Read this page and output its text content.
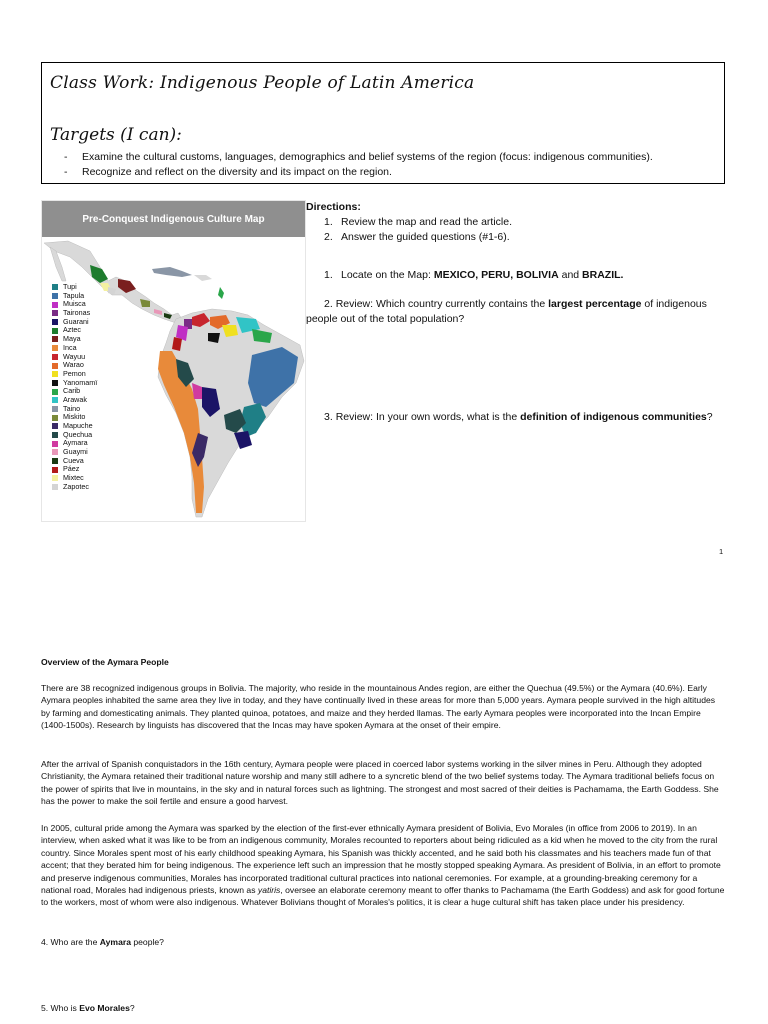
Class Work: Indigenous People of Latin America
Targets (I can):
- Examine the cultural customs, languages, demographics and belief systems of the region (focus: indigenous communities).
- Recognize and reflect on the diversity and its impact on the region.
Pre-Conquest Indigenous Culture Map
Tupi
Tapula
Muisca
Taironas
Guarani
Aztec
Maya
Inca
Wayuu
Warao
Pemon
Yanomamï
Carib
Arawak
Taino
Miskito
Mapuche
Quechua
Aymara
Guaymi
Cueva
Páez
Mixtec
Zapotec
Directions:
1. Review the map and read the article.
2. Answer the guided questions (#1-6).
1. Locate on the Map: MEXICO, PERU, BOLIVIA and BRAZIL.
2. Review: Which country currently contains the largest percentage of indigenous people out of the total population?
3. Review: In your own words, what is the definition of indigenous communities?
1
Overview of the Aymara People
There are 38 recognized indigenous groups in Bolivia. The majority, who reside in the mountainous Andes region, are either the Quechua (49.5%) or the Aymara (40.6%). Early Aymara peoples inhabited the same area they live in today, and they have continually lived in these areas for more than 5,000 years. Aymara people survived in the high altitudes by farming and domesticating animals. They planted quinoa, potatoes, and maize and they herded llamas. The early Aymara peoples were incorporated into the Incan Empire (1400-1500s). Research by linguists has discovered that the Incas may have spoken Aymara at the onset of their empire.
After the arrival of Spanish conquistadors in the 16th century, Aymara people were placed in coerced labor systems working in the silver mines in Peru. Although they adopted Christianity, the Aymara retained their traditional nature worship and many still adhere to a syncretic blend of the two belief systems today. The Aymara traditional beliefs focus on the power of spirits that live in mountains, in the sky and in natural forces such as lightning. The strongest and most sacred of their deities is Pachamama, the Earth Goddess. She has the power to make the soil fertile and ensure a good harvest.
In 2005, cultural pride among the Aymara was sparked by the election of the first-ever ethnically Aymara president of Bolivia, Evo Morales (in office from 2006 to 2019). In an interview, when asked what it was like to be from an indigenous community, Morales recounted to reporters about being ridiculed as a kid when he moved to the city from the rural country. Since Morales spent most of his early childhood speaking Aymara, his Spanish was thickly accented, and he said both his classmates and his teachers made fun of that accent; that they berated him for being indigenous. The experience left such an impression that he mostly stopped speaking Aymara. As president of Bolivia, in an effort to promote and preserve indigenous communities, Morales has incorporated traditional cultural practices into national ceremonies. For example, at a grounding-breaking ceremony for a national road, Morales had indigenous priests, known as yatiris, oversee an elaborate ceremony meant to offer thanks to Pachamama (the Earth Goddess) and ask for good fortune to the workers, most of whom were also indigenous. Whatever Bolivians thought of Morales's politics, it is clear a huge cultural shift has taken place under his presidency.
4. Who are the Aymara people?
5. Who is Evo Morales?
